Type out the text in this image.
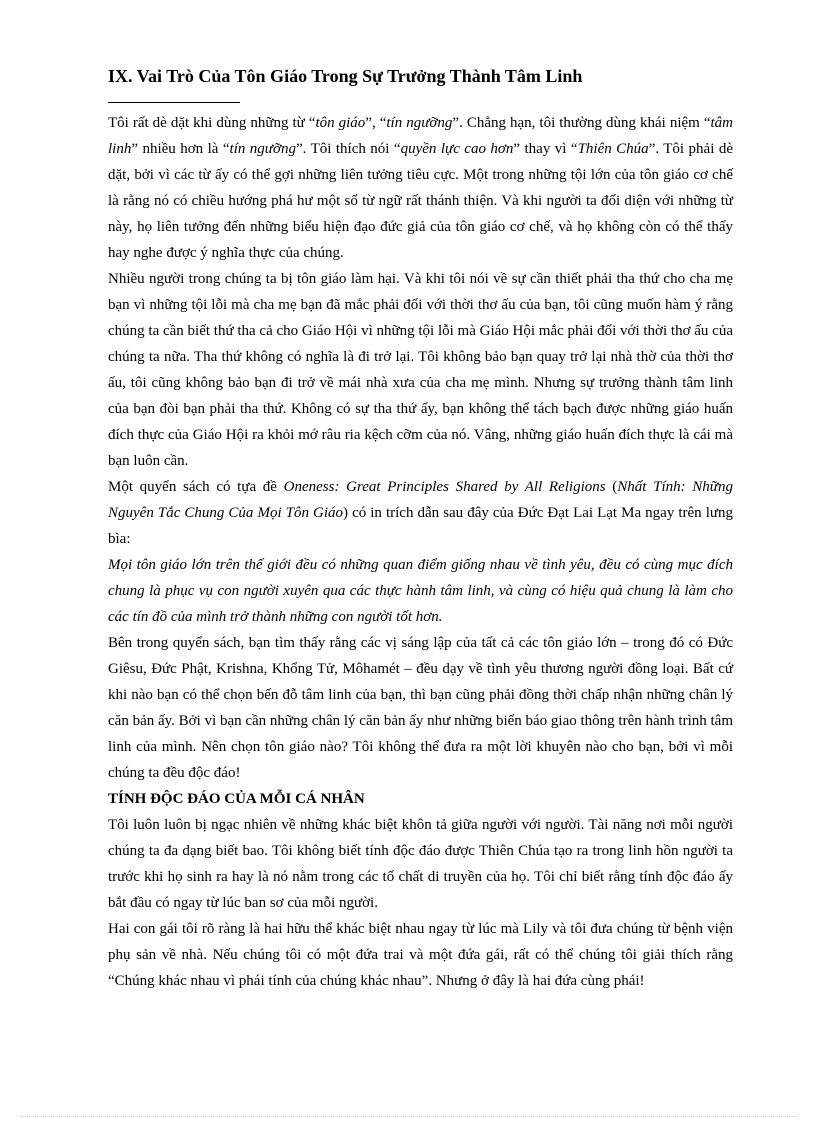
IX. Vai Trò Của Tôn Giáo Trong Sự Trưởng Thành Tâm Linh

Tôi rất dè dặt khi dùng những từ “tôn giáo”, “tín ngưỡng”. Chẳng hạn, tôi thường dùng khái niệm “tâm linh” nhiều hơn là “tín ngưỡng”. Tôi thích nói “quyền lực cao hơn” thay vì “Thiên Chúa”. Tôi phải dè dặt, bởi vì các từ ấy có thể gợi những liên tưởng tiêu cực. Một trong những tội lớn của tôn giáo cơ chế là rằng nó có chiều hướng phá hư một số từ ngữ rất thánh thiện. Và khi người ta đối diện với những từ này, họ liên tưởng đến những biểu hiện đạo đức giả của tôn giáo cơ chế, và họ không còn có thể thấy hay nghe được ý nghĩa thực của chúng.

Nhiều người trong chúng ta bị tôn giáo làm hại. Và khi tôi nói về sự cần thiết phải tha thứ cho cha mẹ bạn vì những tội lỗi mà cha mẹ bạn đã mắc phải đối với thời thơ ấu của bạn, tôi cũng muốn hàm ý rằng chúng ta cần biết thứ tha cả cho Giáo Hội vì những tội lỗi mà Giáo Hội mắc phải đối với thời thơ ấu của chúng ta nữa. Tha thứ không có nghĩa là đi trở lại. Tôi không bảo bạn quay trở lại nhà thờ của thời thơ ấu, tôi cũng không bảo bạn đi trở về mái nhà xưa của cha mẹ mình. Nhưng sự trưởng thành tâm linh của bạn đòi bạn phải tha thứ. Không có sự tha thứ ấy, bạn không thể tách bạch được những giáo huấn đích thực của Giáo Hội ra khỏi mớ râu ria kệch cỡm của nó. Vâng, những giáo huấn đích thực là cái mà bạn luôn cần.

Một quyển sách có tựa đề Oneness: Great Principles Shared by All Religions (Nhất Tính: Những Nguyên Tắc Chung Của Mọi Tôn Giáo) có in trích dẫn sau đây của Đức Đạt Lai Lạt Ma ngay trên lưng bìa:

Mọi tôn giáo lớn trên thế giới đều có những quan điểm giống nhau về tình yêu, đều có cùng mục đích chung là phục vụ con người xuyên qua các thực hành tâm linh, và cùng có hiệu quả chung là làm cho các tín đồ của mình trở thành những con người tốt hơn.

Bên trong quyển sách, bạn tìm thấy rằng các vị sáng lập của tất cả các tôn giáo lớn – trong đó có Đức Giêsu, Đức Phật, Krishna, Khổng Tử, Môhamét – đều dạy về tình yêu thương người đồng loại. Bất cứ khi nào bạn có thể chọn bến đỗ tâm linh của bạn, thì bạn cũng phải đồng thời chấp nhận những chân lý căn bản ấy. Bởi vì bạn cần những chân lý căn bản ấy như những biển báo giao thông trên hành trình tâm linh của mình. Nên chọn tôn giáo nào? Tôi không thể đưa ra một lời khuyên nào cho bạn, bởi vì mỗi chúng ta đều độc đáo!

TÍNH ĐỘC ĐÁO CỦA MỖI CÁ NHÂN

Tôi luôn luôn bị ngạc nhiên về những khác biệt khôn tả giữa người với người. Tài năng nơi mỗi người chúng ta đa dạng biết bao. Tôi không biết tính độc đáo được Thiên Chúa tạo ra trong linh hồn người ta trước khi họ sinh ra hay là nó nằm trong các tố chất di truyền của họ. Tôi chỉ biết rằng tính độc đáo ấy bắt đầu có ngay từ lúc ban sơ của mỗi người.

Hai con gái tôi rõ ràng là hai hữu thể khác biệt nhau ngay từ lúc mà Lily và tôi đưa chúng từ bệnh viện phụ sản về nhà. Nếu chúng tôi có một đứa trai và một đứa gái, rất có thể chúng tôi giải thích rằng “Chúng khác nhau vì phái tính của chúng khác nhau”. Nhưng ở đây là hai đứa cùng phái!
